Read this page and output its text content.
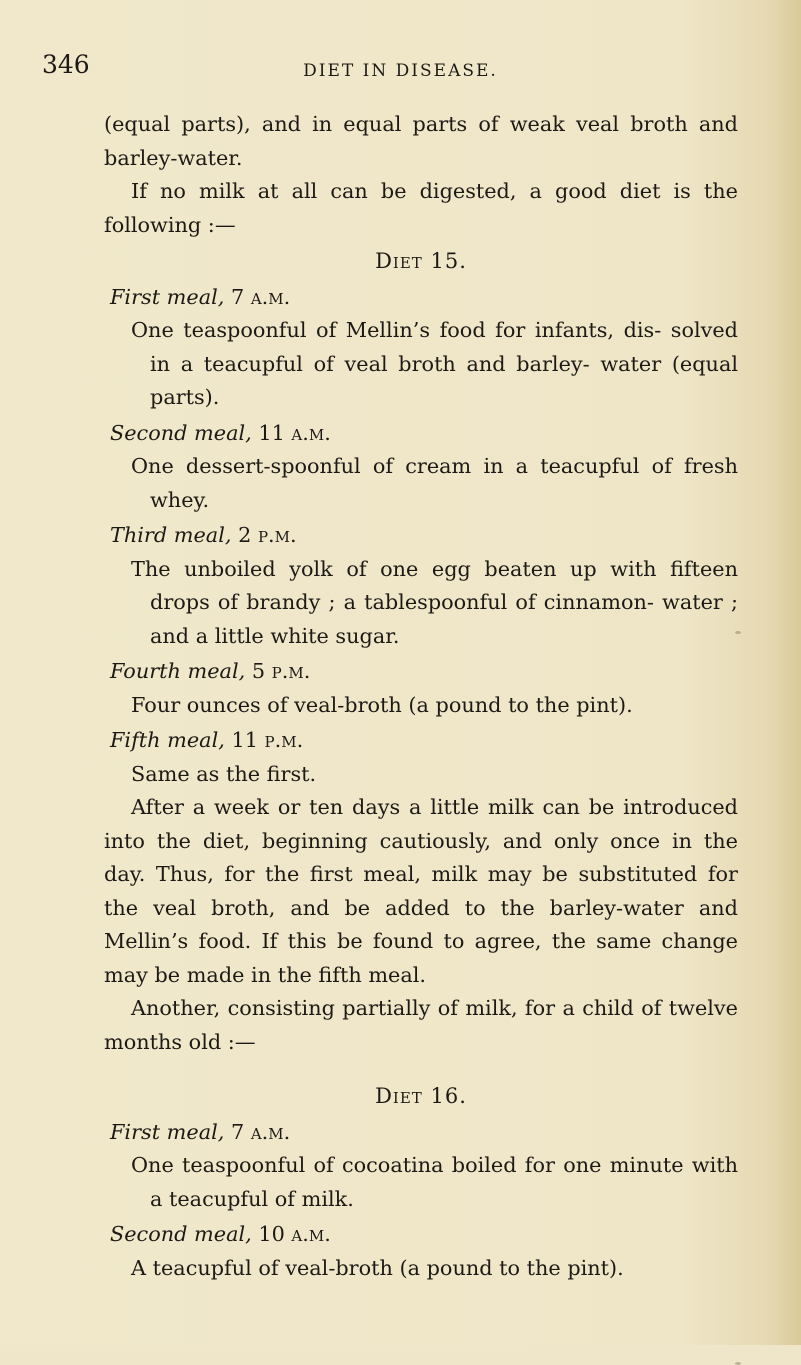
346	DIET IN DISEASE.

(equal parts), and in equal parts of weak veal broth and barley-water.

If no milk at all can be digested, a good diet is the following :—

Diet 15.

First meal, 7 a.m.

One teaspoonful of Mellin’s food for infants, dis- solved in a teacupful of veal broth and barley- water (equal parts).

Second meal, 11 a.m.

One dessert-spoonful of cream in a teacupful of fresh whey.

Third meal, 2 p.m.

The unboiled yolk of one egg beaten up with fifteen drops of brandy ; a tablespoonful of cinnamon- water ; and a little white sugar.

Fourth meal, 5 p.m.

Four ounces of veal-broth (a pound to the pint).

Fifth meal, 11 p.m.

Same as the first.

After a week or ten days a little milk can be introduced into the diet, beginning cautiously, and only once in the day. Thus, for the first meal, milk may be substituted for the veal broth, and be added to the barley-water and Mellin’s food. If this be found to agree, the same change may be made in the fifth meal.

Another, consisting partially of milk, for a child of twelve months old :—

Diet 16.

First meal, 7 a.m.

One teaspoonful of cocoatina boiled for one minute with a teacupful of milk.

Second meal, 10 a.m.

A teacupful of veal-broth (a pound to the pint).
